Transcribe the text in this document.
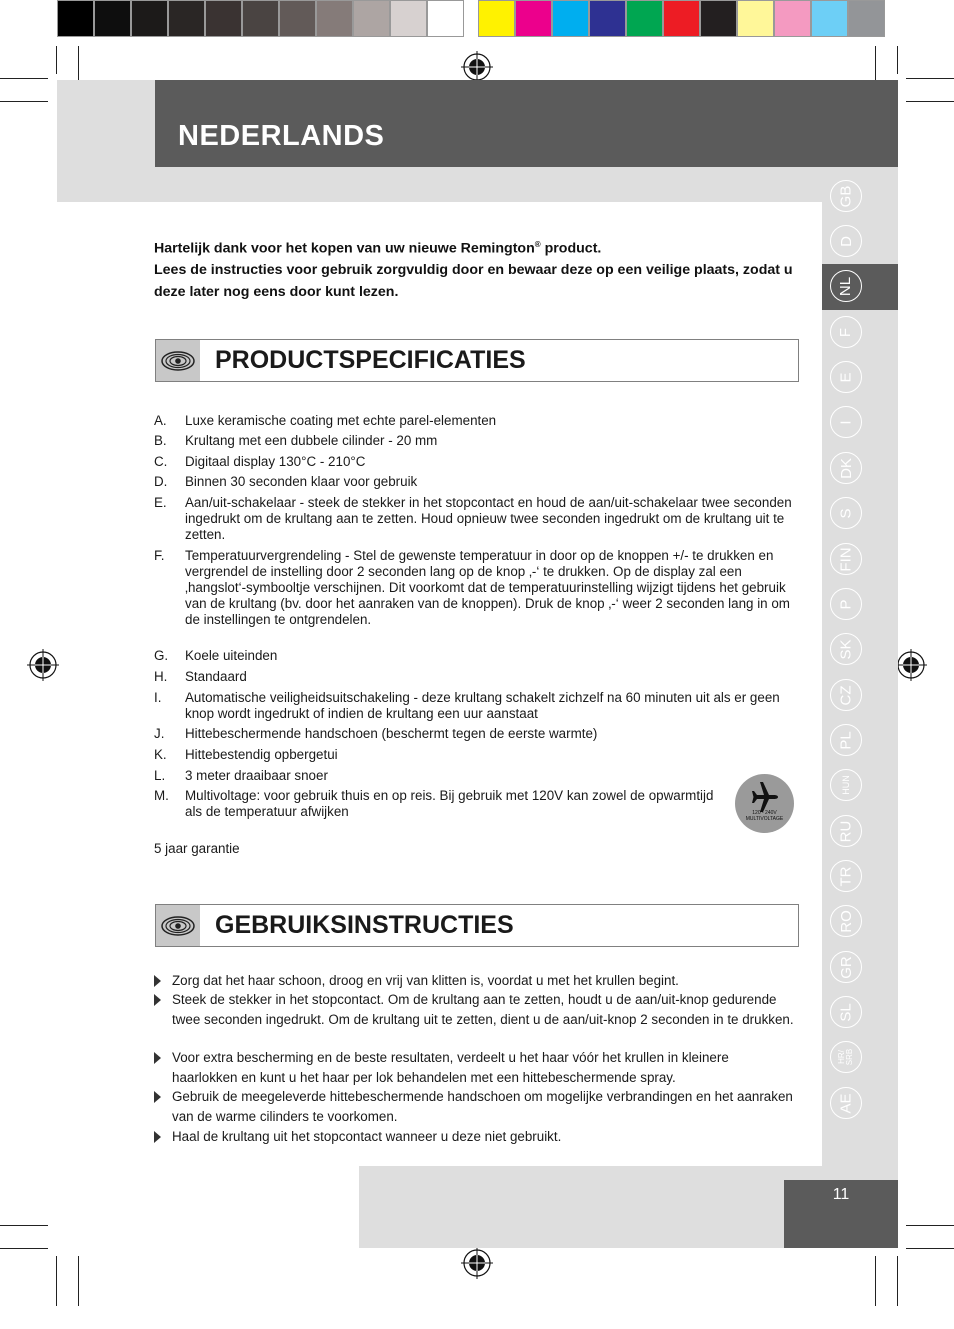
NEDERLANDS
GB
D
NL
F
E
I
DK
S
FIN
P
SK
CZ
PL
HUN
RU
TR
RO
GR
SL
HR/
SRB
AE
Hartelijk dank voor het kopen van uw nieuwe Remington® product.
Lees de instructies voor gebruik zorgvuldig door en bewaar deze op een veilige plaats, zodat u deze later nog eens door kunt lezen.
PRODUCTSPECIFICATIES
A. Luxe keramische coating met echte parel-elementen
B. Krultang met een dubbele cilinder - 20 mm
C. Digitaal display 130°C - 210°C
D. Binnen 30 seconden klaar voor gebruik
E. Aan/uit-schakelaar - steek de stekker in het stopcontact en houd de aan/uit-schakelaar twee seconden ingedrukt om de krultang aan te zetten. Houd opnieuw twee seconden ingedrukt om de krultang uit te zetten.
F. Temperatuurvergrendeling - Stel de gewenste temperatuur in door op de knoppen +/- te drukken en vergrendel de instelling door 2 seconden lang op de knop ‚-‘ te drukken. Op de display zal een ‚hangslot‘-symbooltje verschijnen. Dit voorkomt dat de temperatuurinstelling wijzigt tijdens het gebruik van de krultang (bv. door het aanraken van de knoppen). Druk de knop ‚-‘ weer 2 seconden lang in om de instellingen te ontgrendelen.
G. Koele uiteinden
H. Standaard
I. Automatische veiligheidsuitschakeling - deze krultang schakelt zichzelf na 60 minuten uit als er geen knop wordt ingedrukt of indien de krultang een uur aanstaat
J. Hittebeschermende handschoen (beschermt tegen de eerste warmte)
K. Hittebestendig opbergetui
L. 3 meter draaibaar snoer
M. Multivoltage: voor gebruik thuis en op reis. Bij gebruik met 120V kan zowel de opwarmtijd als de temperatuur afwijken	120 - 240V
MULTIVOLTAGE
5 jaar garantie
GEBRUIKSINSTRUCTIES
Zorg dat het haar schoon, droog en vrij van klitten is, voordat u met het krullen begint.
Steek de stekker in het stopcontact. Om de krultang aan te zetten, houdt u de aan/uit-knop gedurende twee seconden ingedrukt. Om de krultang uit te zetten, dient u de aan/uit-knop 2 seconden in te drukken.
Voor extra bescherming en de beste resultaten, verdeelt u het haar vóór het krullen in kleinere haarlokken en kunt u het haar per lok behandelen met een hittebeschermende spray.
Gebruik de meegeleverde hittebeschermende handschoen om mogelijke verbrandingen en het aanraken van de warme cilinders te voorkomen.
Haal de krultang uit het stopcontact wanneer u deze niet gebruikt.
11
